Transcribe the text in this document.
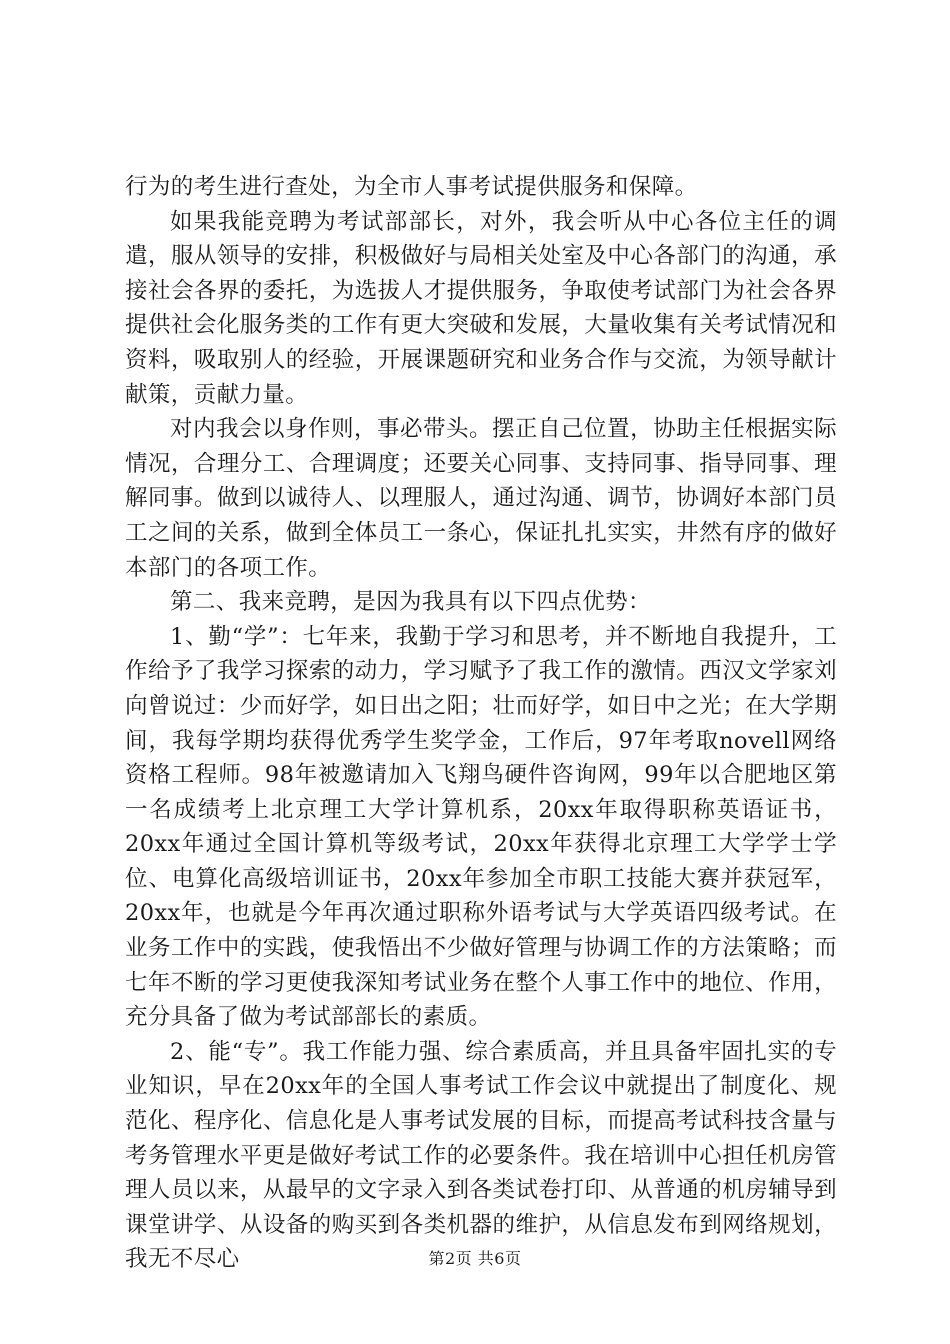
行为的考生进行查处，为全市人事考试提供服务和保障。

如果我能竞聘为考试部部长，对外，我会听从中心各位主任的调遣，服从领导的安排，积极做好与局相关处室及中心各部门的沟通，承接社会各界的委托，为选拔人才提供服务，争取使考试部门为社会各界提供社会化服务类的工作有更大突破和发展，大量收集有关考试情况和资料，吸取别人的经验，开展课题研究和业务合作与交流，为领导献计献策，贡献力量。

对内我会以身作则，事必带头。摆正自己位置，协助主任根据实际情况，合理分工、合理调度；还要关心同事、支持同事、指导同事、理解同事。做到以诚待人、以理服人，通过沟通、调节，协调好本部门员工之间的关系，做到全体员工一条心，保证扎扎实实，井然有序的做好本部门的各项工作。

第二、我来竞聘，是因为我具有以下四点优势：

1、勤“学”：七年来，我勤于学习和思考，并不断地自我提升，工作给予了我学习探索的动力，学习赋予了我工作的激情。西汉文学家刘向曾说过：少而好学，如日出之阳；壮而好学，如日中之光；在大学期间，我每学期均获得优秀学生奖学金，工作后，97年考取novell网络资格工程师。98年被邀请加入飞翔鸟硬件咨询网，99年以合肥地区第一名成绩考上北京理工大学计算机系，20xx年取得职称英语证书，20xx年通过全国计算机等级考试，20xx年获得北京理工大学学士学位、电算化高级培训证书，20xx年参加全市职工技能大赛并获冠军，20xx年，也就是今年再次通过职称外语考试与大学英语四级考试。在业务工作中的实践，使我悟出不少做好管理与协调工作的方法策略；而七年不断的学习更使我深知考试业务在整个人事工作中的地位、作用，充分具备了做为考试部部长的素质。

2、能“专”。我工作能力强、综合素质高，并且具备牢固扎实的专业知识，早在20xx年的全国人事考试工作会议中就提出了制度化、规范化、程序化、信息化是人事考试发展的目标，而提高考试科技含量与考务管理水平更是做好考试工作的必要条件。我在培训中心担任机房管理人员以来，从最早的文字录入到各类试卷打印、从普通的机房辅导到课堂讲学、从设备的购买到各类机器的维护，从信息发布到网络规划，我无不尽心	第2页 共6页
